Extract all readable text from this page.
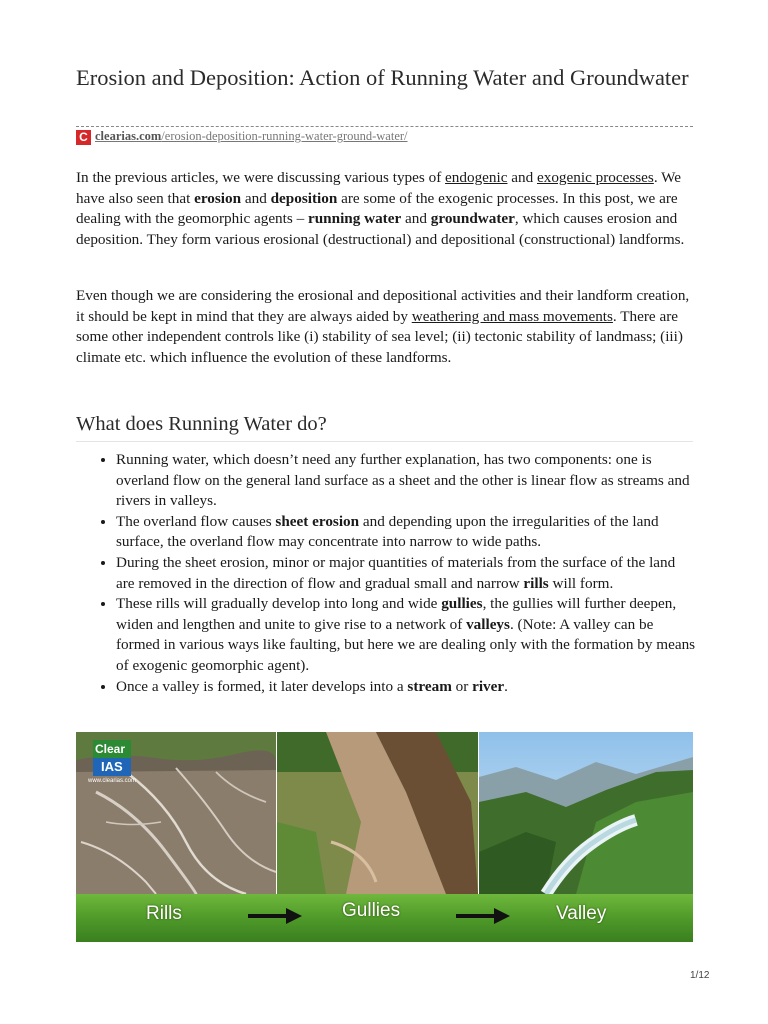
Erosion and Deposition: Action of Running Water and Groundwater
C clearias.com/erosion-deposition-running-water-ground-water/

In the previous articles, we were discussing various types of endogenic and exogenic processes. We have also seen that erosion and deposition are some of the exogenic processes. In this post, we are dealing with the geomorphic agents – running water and groundwater, which causes erosion and deposition. They form various erosional (destructional) and depositional (constructional) landforms.

Even though we are considering the erosional and depositional activities and their landform creation, it should be kept in mind that they are always aided by weathering and mass movements. There are some other independent controls like (i) stability of sea level; (ii) tectonic stability of landmass; (iii) climate etc. which influence the evolution of these landforms.

What does Running Water do?
• Running water, which doesn’t need any further explanation, has two components: one is overland flow on the general land surface as a sheet and the other is linear flow as streams and rivers in valleys.
• The overland flow causes sheet erosion and depending upon the irregularities of the land surface, the overland flow may concentrate into narrow to wide paths.
• During the sheet erosion, minor or major quantities of materials from the surface of the land are removed in the direction of flow and gradual small and narrow rills will form.
• These rills will gradually develop into long and wide gullies, the gullies will further deepen, widen and lengthen and unite to give rise to a network of valleys. (Note: A valley can be formed in various ways like faulting, but here we are dealing only with the formation by means of exogenic geomorphic agent).
• Once a valley is formed, it later develops into a stream or river.
Clear
IAS
www.clearias.com
Rills	Gullies	Valley
1/12
